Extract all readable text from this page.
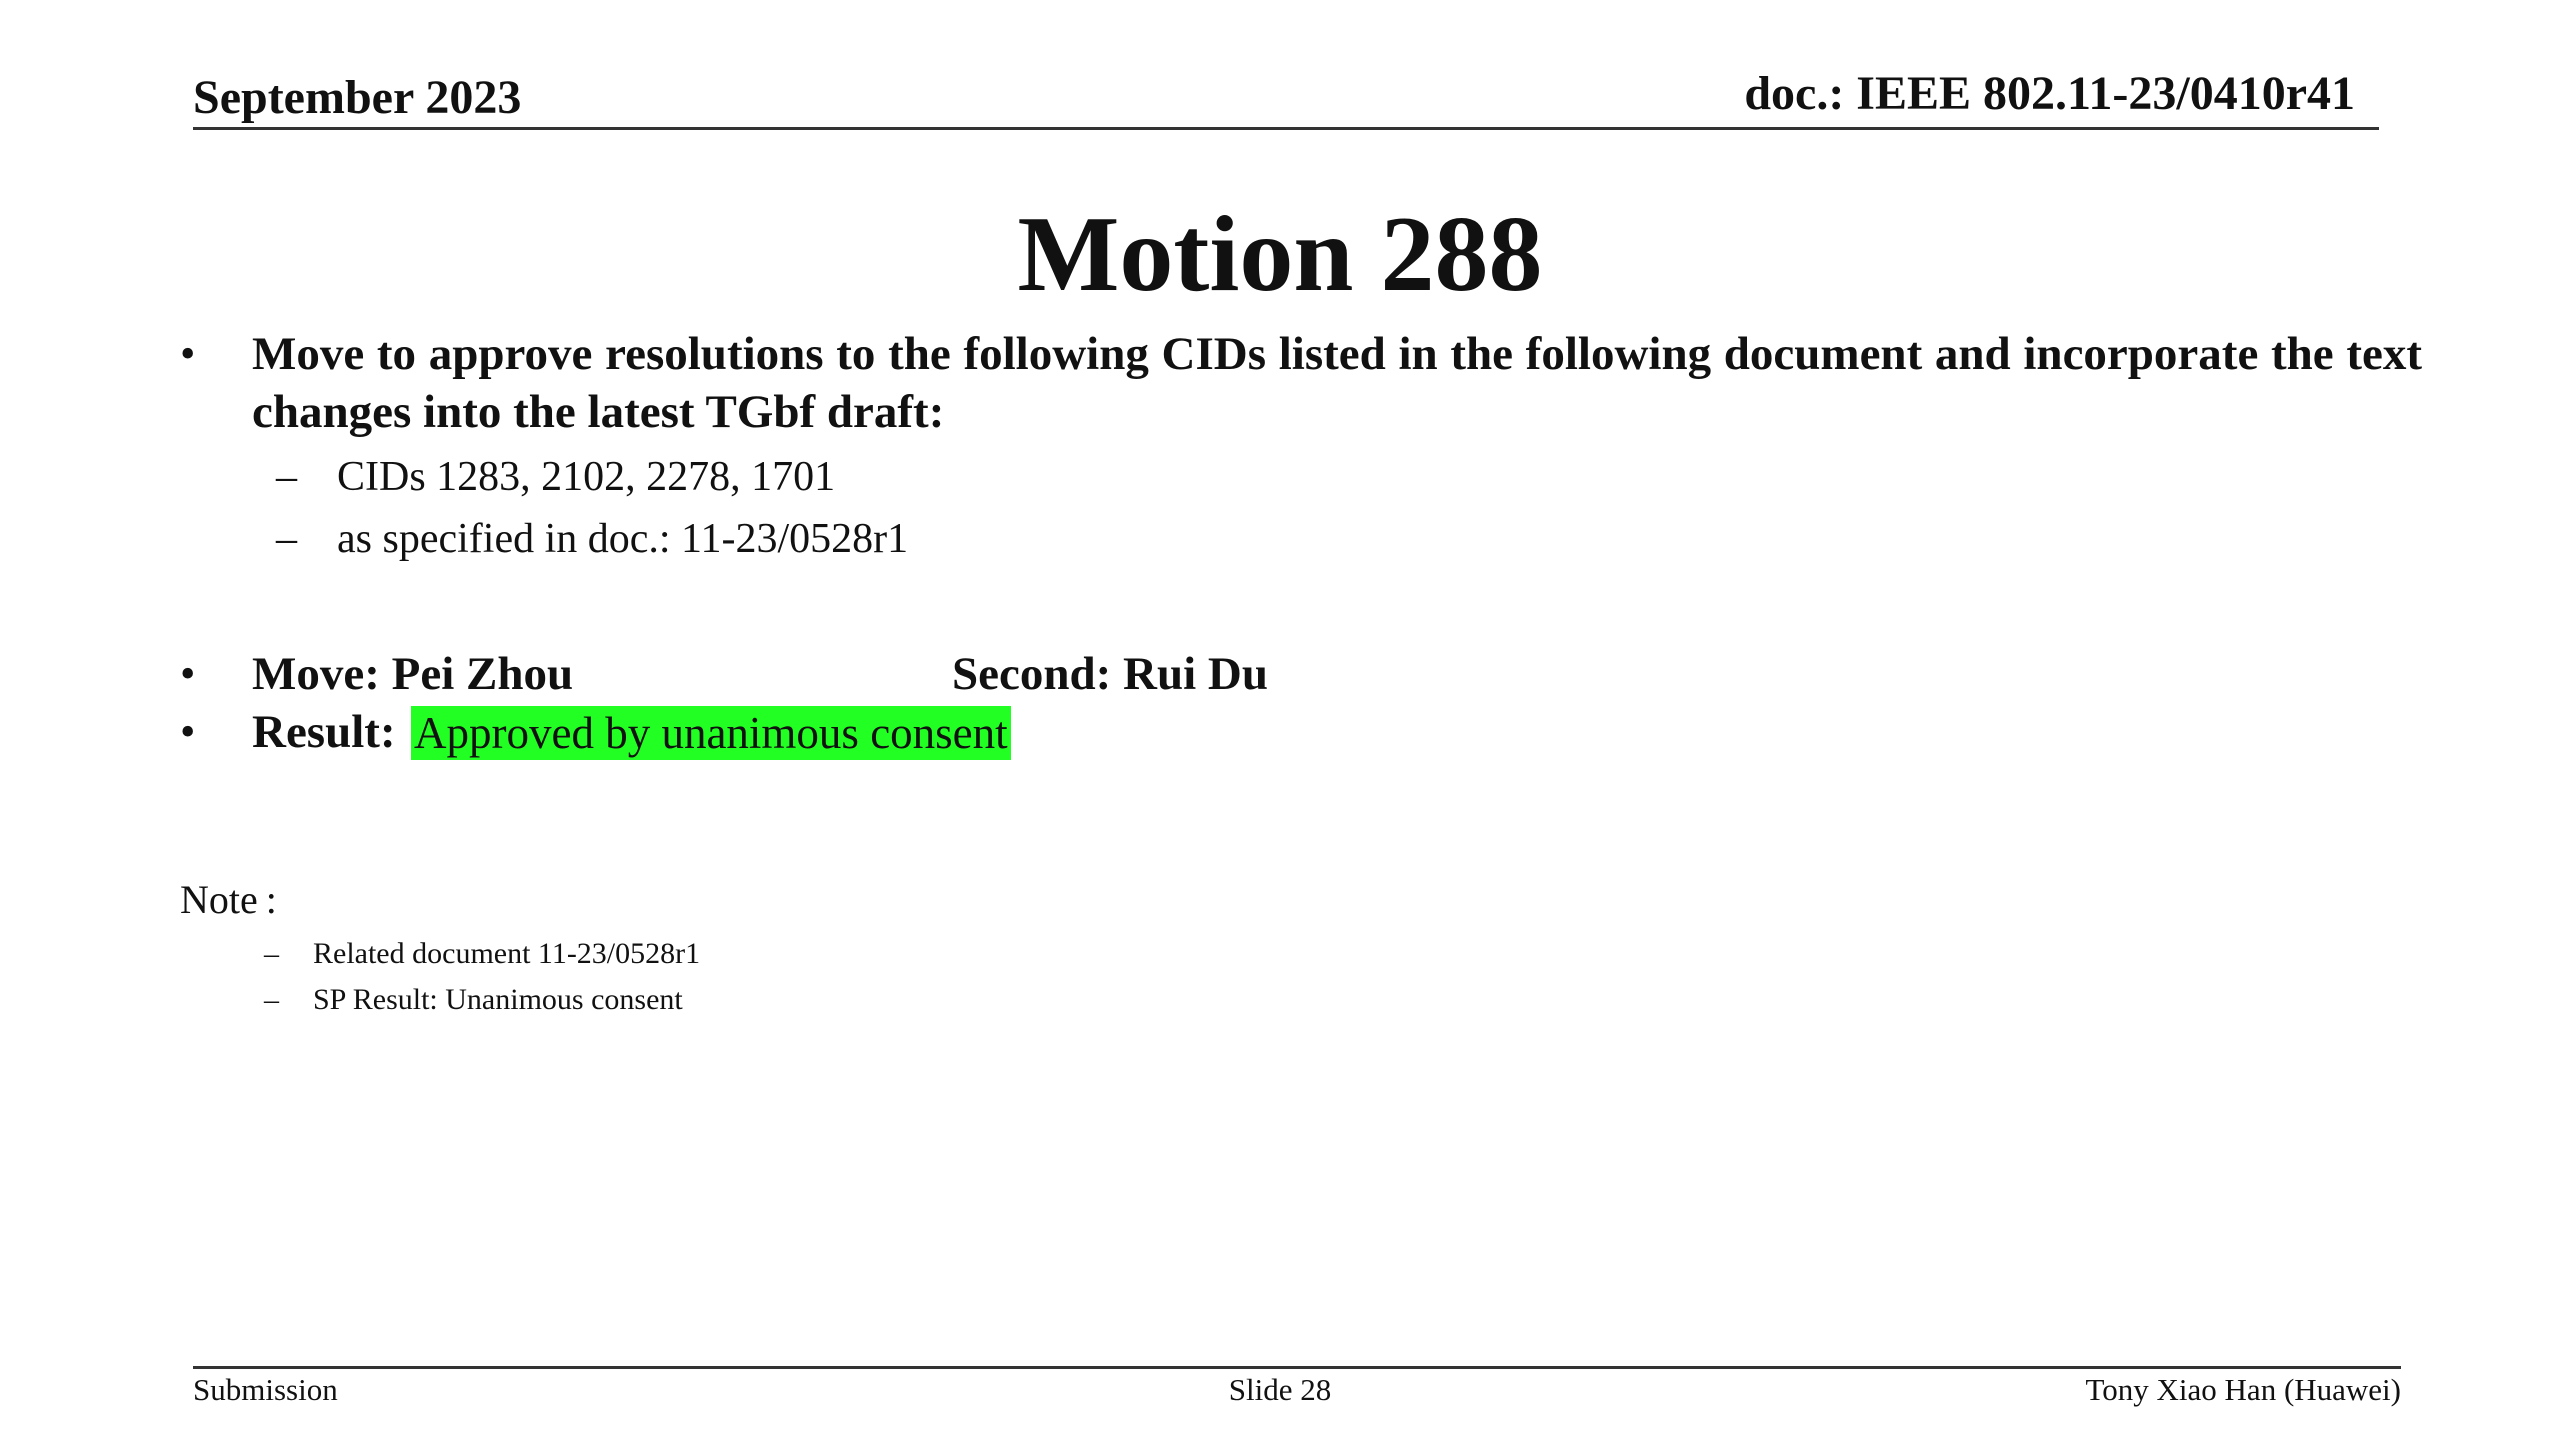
September 2023	doc.: IEEE 802.11-23/0410r41
Motion 288
• Move to approve resolutions to the following CIDs listed in the following document and incorporate the text changes into the latest TGbf draft:
– CIDs 1283, 2102, 2278, 1701
– as specified in doc.: 11-23/0528r1
• Move: Pei Zhou	Second: Rui Du
• Result: Approved by unanimous consent
Note :
– Related document 11-23/0528r1
– SP Result: Unanimous consent
Submission	Slide 28	Tony Xiao Han (Huawei)
